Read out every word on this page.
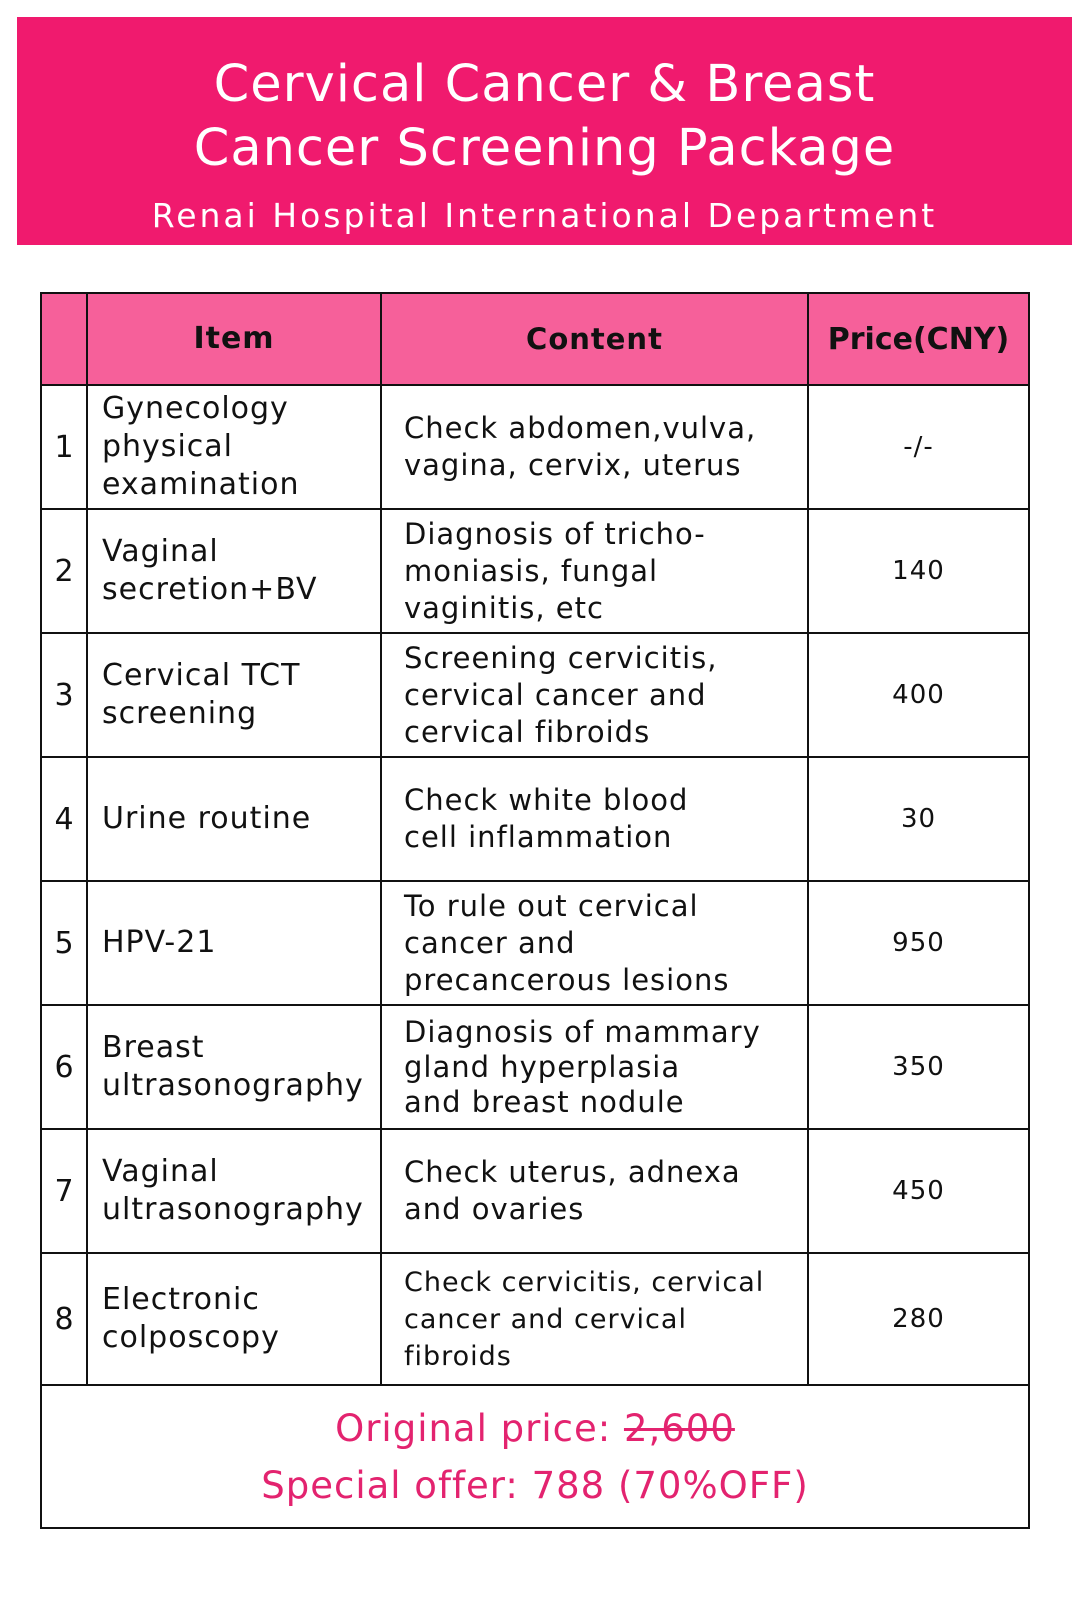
Cervical Cancer & Breast
Cancer Screening Package
Renai Hospital International Department
	Item	Content	Price(CNY)
1	Gynecology
physical
examination	Check abdomen,vulva,
vagina, cervix, uterus	-/-
2	Vaginal
secretion+BV	Diagnosis of tricho-
moniasis, fungal
vaginitis, etc	140
3	Cervical TCT
screening	Screening cervicitis,
cervical cancer and
cervical fibroids	400
4	Urine routine	Check white blood
cell inflammation	30
5	HPV-21	To rule out cervical
cancer and
precancerous lesions	950
6	Breast
ultrasonography	Diagnosis of mammary
gland hyperplasia
and breast nodule	350
7	Vaginal
ultrasonography	Check uterus, adnexa
and ovaries	450
8	Electronic
colposcopy	Check cervicitis, cervical
cancer and cervical
fibroids	280

Original price: 2,600
Special offer: 788 (70%OFF)			
